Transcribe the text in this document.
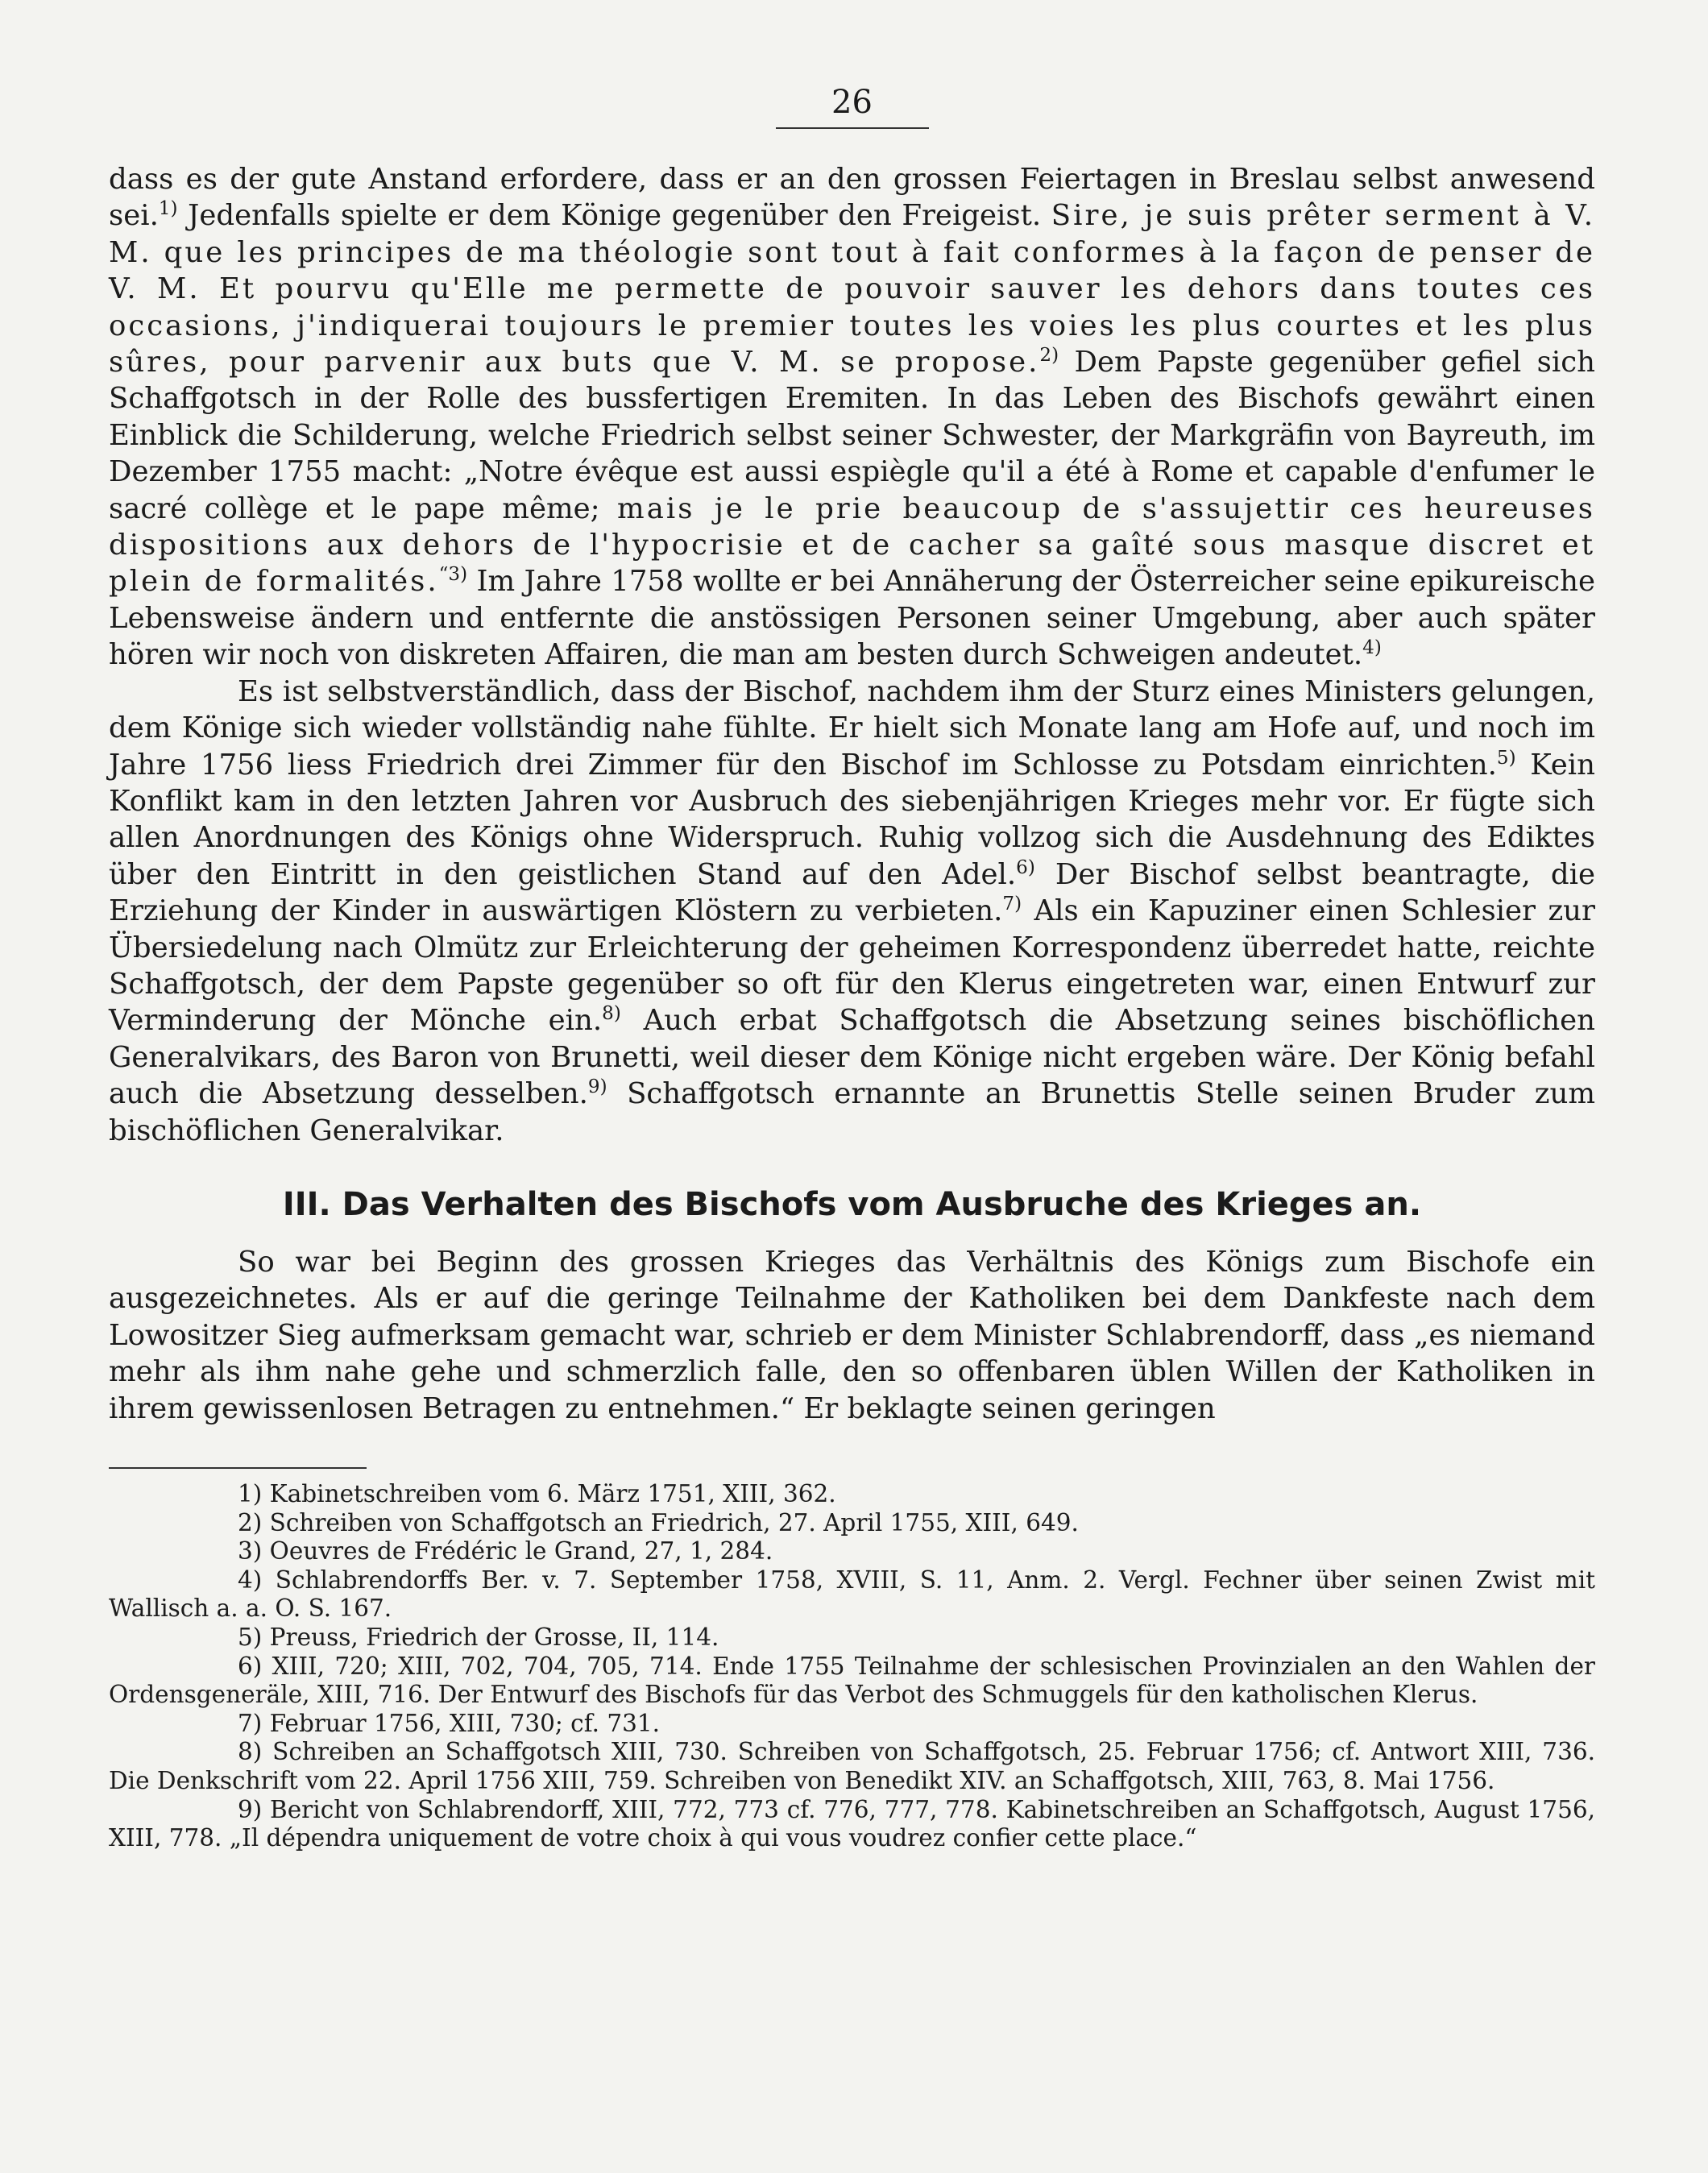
26

dass es der gute Anstand erfordere, dass er an den grossen Feiertagen in Breslau selbst anwesend sei.$^{1)}$ Jedenfalls spielte er dem Könige gegenüber den Freigeist. Sire, je suis prêter serment à V. M. que les principes de ma théologie sont tout à fait conformes à la façon de penser de V. M. Et pourvu qu'Elle me permette de pouvoir sauver les dehors dans toutes ces occasions, j'indiquerai toujours le premier toutes les voies les plus courtes et les plus sûres, pour parvenir aux buts que V. M. se propose.$^{2)}$ Dem Papste gegenüber gefiel sich Schaffgotsch in der Rolle des bussfertigen Eremiten. In das Leben des Bischofs gewährt einen Einblick die Schilderung, welche Friedrich selbst seiner Schwester, der Markgräfin von Bayreuth, im Dezember 1755 macht: „Notre évêque est aussi espiègle qu'il a été à Rome et capable d'enfumer le sacré collège et le pape même; mais je le prie beaucoup de s'assujettir ces heureuses dispositions aux dehors de l'hypocrisie et de cacher sa gaîté sous masque discret et plein de formalités.$^{“3)}$ Im Jahre 1758 wollte er bei Annäherung der Österreicher seine epikureische Lebensweise ändern und entfernte die anstössigen Personen seiner Umgebung, aber auch später hören wir noch von diskreten Affairen, die man am besten durch Schweigen andeutet.$^{4)}$

Es ist selbstverständlich, dass der Bischof, nachdem ihm der Sturz eines Ministers gelungen, dem Könige sich wieder vollständig nahe fühlte. Er hielt sich Monate lang am Hofe auf, und noch im Jahre 1756 liess Friedrich drei Zimmer für den Bischof im Schlosse zu Potsdam einrichten.$^{5)}$ Kein Konflikt kam in den letzten Jahren vor Ausbruch des siebenjährigen Krieges mehr vor. Er fügte sich allen Anordnungen des Königs ohne Widerspruch. Ruhig vollzog sich die Ausdehnung des Ediktes über den Eintritt in den geistlichen Stand auf den Adel.$^{6)}$ Der Bischof selbst beantragte, die Erziehung der Kinder in auswärtigen Klöstern zu verbieten.$^{7)}$ Als ein Kapuziner einen Schlesier zur Übersiedelung nach Olmütz zur Erleichterung der geheimen Korrespondenz überredet hatte, reichte Schaffgotsch, der dem Papste gegenüber so oft für den Klerus eingetreten war, einen Entwurf zur Verminderung der Mönche ein.$^{8)}$ Auch erbat Schaffgotsch die Absetzung seines bischöflichen Generalvikars, des Baron von Brunetti, weil dieser dem Könige nicht ergeben wäre. Der König befahl auch die Absetzung desselben.$^{9)}$ Schaffgotsch ernannte an Brunettis Stelle seinen Bruder zum bischöflichen Generalvikar.

III. Das Verhalten des Bischofs vom Ausbruche des Krieges an.

So war bei Beginn des grossen Krieges das Verhältnis des Königs zum Bischofe ein ausgezeichnetes. Als er auf die geringe Teilnahme der Katholiken bei dem Dankfeste nach dem Lowositzer Sieg aufmerksam gemacht war, schrieb er dem Minister Schlabrendorff, dass „es niemand mehr als ihm nahe gehe und schmerzlich falle, den so offenbaren üblen Willen der Katholiken in ihrem gewissenlosen Betragen zu entnehmen.“ Er beklagte seinen geringen

1) Kabinetschreiben vom 6. März 1751, XIII, 362.

2) Schreiben von Schaffgotsch an Friedrich, 27. April 1755, XIII, 649.

3) Oeuvres de Frédéric le Grand, 27, 1, 284.

4) Schlabrendorffs Ber. v. 7. September 1758, XVIII, S. 11, Anm. 2. Vergl. Fechner über seinen Zwist mit Wallisch a. a. O. S. 167.

5) Preuss, Friedrich der Grosse, II, 114.

6) XIII, 720; XIII, 702, 704, 705, 714. Ende 1755 Teilnahme der schlesischen Provinzialen an den Wahlen der Ordensgeneräle, XIII, 716. Der Entwurf des Bischofs für das Verbot des Schmuggels für den katholischen Klerus.

7) Februar 1756, XIII, 730; cf. 731.

8) Schreiben an Schaffgotsch XIII, 730. Schreiben von Schaffgotsch, 25. Februar 1756; cf. Antwort XIII, 736. Die Denkschrift vom 22. April 1756 XIII, 759. Schreiben von Benedikt XIV. an Schaffgotsch, XIII, 763, 8. Mai 1756.

9) Bericht von Schlabrendorff, XIII, 772, 773 cf. 776, 777, 778. Kabinetschreiben an Schaffgotsch, August 1756, XIII, 778. „Il dépendra uniquement de votre choix à qui vous voudrez confier cette place.“
